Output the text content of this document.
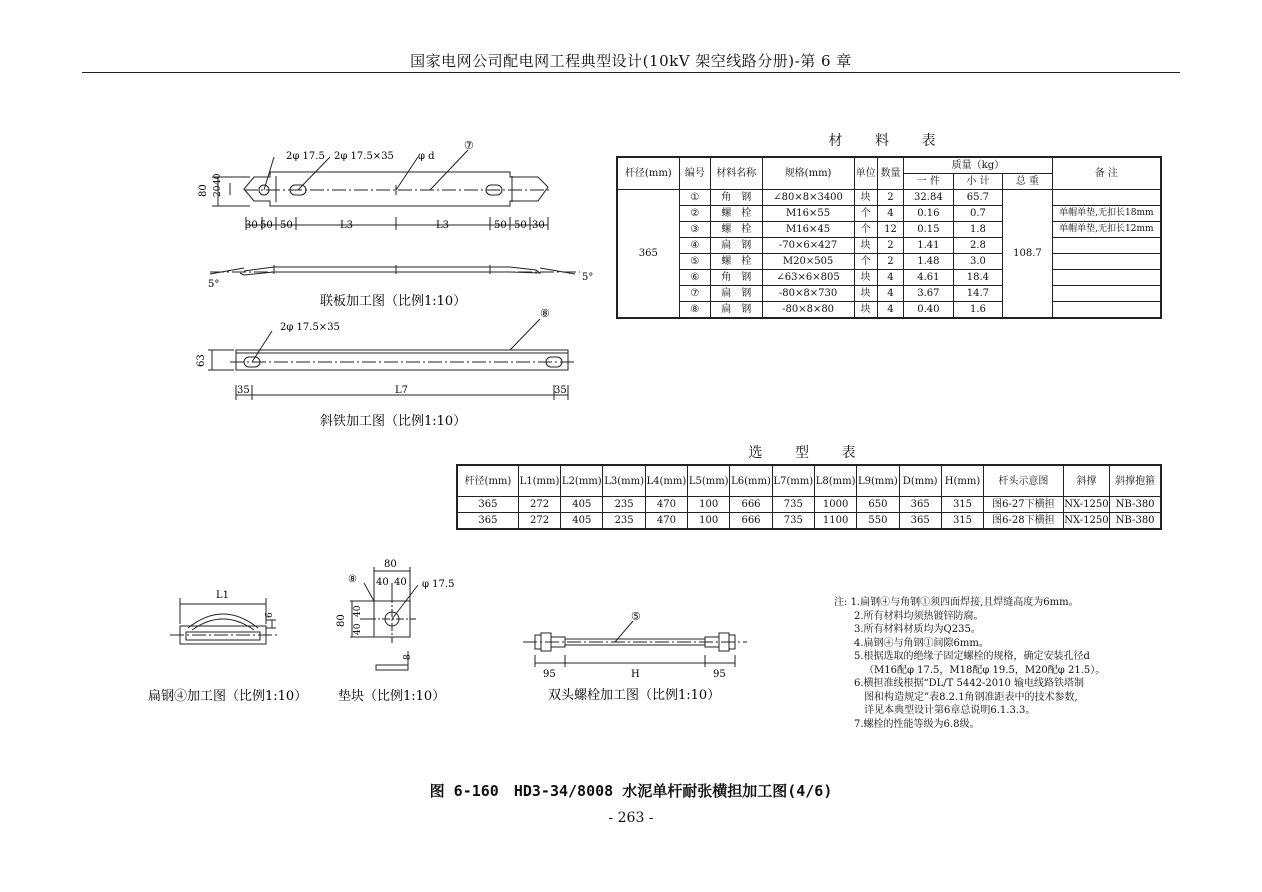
国家电网公司配电网工程典型设计(10kV 架空线路分册)-第 6 章
2φ 17.5 2φ 17.5×35 φ d
⑦
80 20
40
30 50 50	L3	L3	50 50 30
5°
5°
联板加工图（比例1:10）
2φ 17.5×35
⑧
63
35	L7	35
斜铁加工图（比例1:10）
材 料 表
杆径(mm)	编号	材料名称	规格(mm)	单位	数量	质量（kg）			备 注
						一 件	小 计	总 重	
365	①	角　钢	∠80×8×3400	块	2	32.84	65.7	108.7	
	②	螺　栓	M16×55	个	4	0.16	0.7		单帽单垫,无扣长18mm
	③	螺　栓	M16×45	个	12	0.15	1.8		单帽单垫,无扣长12mm
	④	扁　钢	-70×6×427	块	2	1.41	2.8		
	⑤	螺　栓	M20×505	个	2	1.48	3.0		
	⑥	角　钢	∠63×6×805	块	4	4.61	18.4		
	⑦	扁　钢	-80×8×730	块	4	3.67	14.7		
	⑧	扁　钢	-80×8×80	块	4	0.40	1.6		
选 型 表
杆径(mm)	L1(mm)	L2(mm)	L3(mm)	L4(mm)	L5(mm)	L6(mm)	L7(mm)	L8(mm)	L9(mm)	D(mm)	H(mm)	杆头示意图	斜撑	斜撑抱箍
365	272	405	235	470	100	666	735	1000	650	365	315	图6-27下横担	NX-1250	NB-380
365	272	405	235	470	100	666	735	1100	550	365	315	图6-28下横担	NX-1250	NB-380
L1
6
扁钢④加工图（比例1:10）
80
40 40 φ 17.5
⑧
80
40
40
8
垫块（比例1:10）
⑤
95	H	95
双头螺栓加工图（比例1:10）
注: 1.扁钢④与角钢①须四面焊接,且焊缝高度为6mm。
2.所有材料均须热镀锌防腐。
3.所有材料材质均为Q235。
4.扁钢④与角钢①间隙6mm。
5.根据选取的绝缘子固定螺栓的规格，确定安装孔径d
（M16配φ 17.5，M18配φ 19.5，M20配φ 21.5）。
6.横担准线根据“DL/T 5442-2010 输电线路铁塔制
图和构造规定”表8.2.1角钢准距表中的技术参数,
详见本典型设计第6章总说明6.1.3.3。
7.螺栓的性能等级为6.8级。
图 6-160　HD3-34/8008 水泥单杆耐张横担加工图(4/6)
- 263 -
